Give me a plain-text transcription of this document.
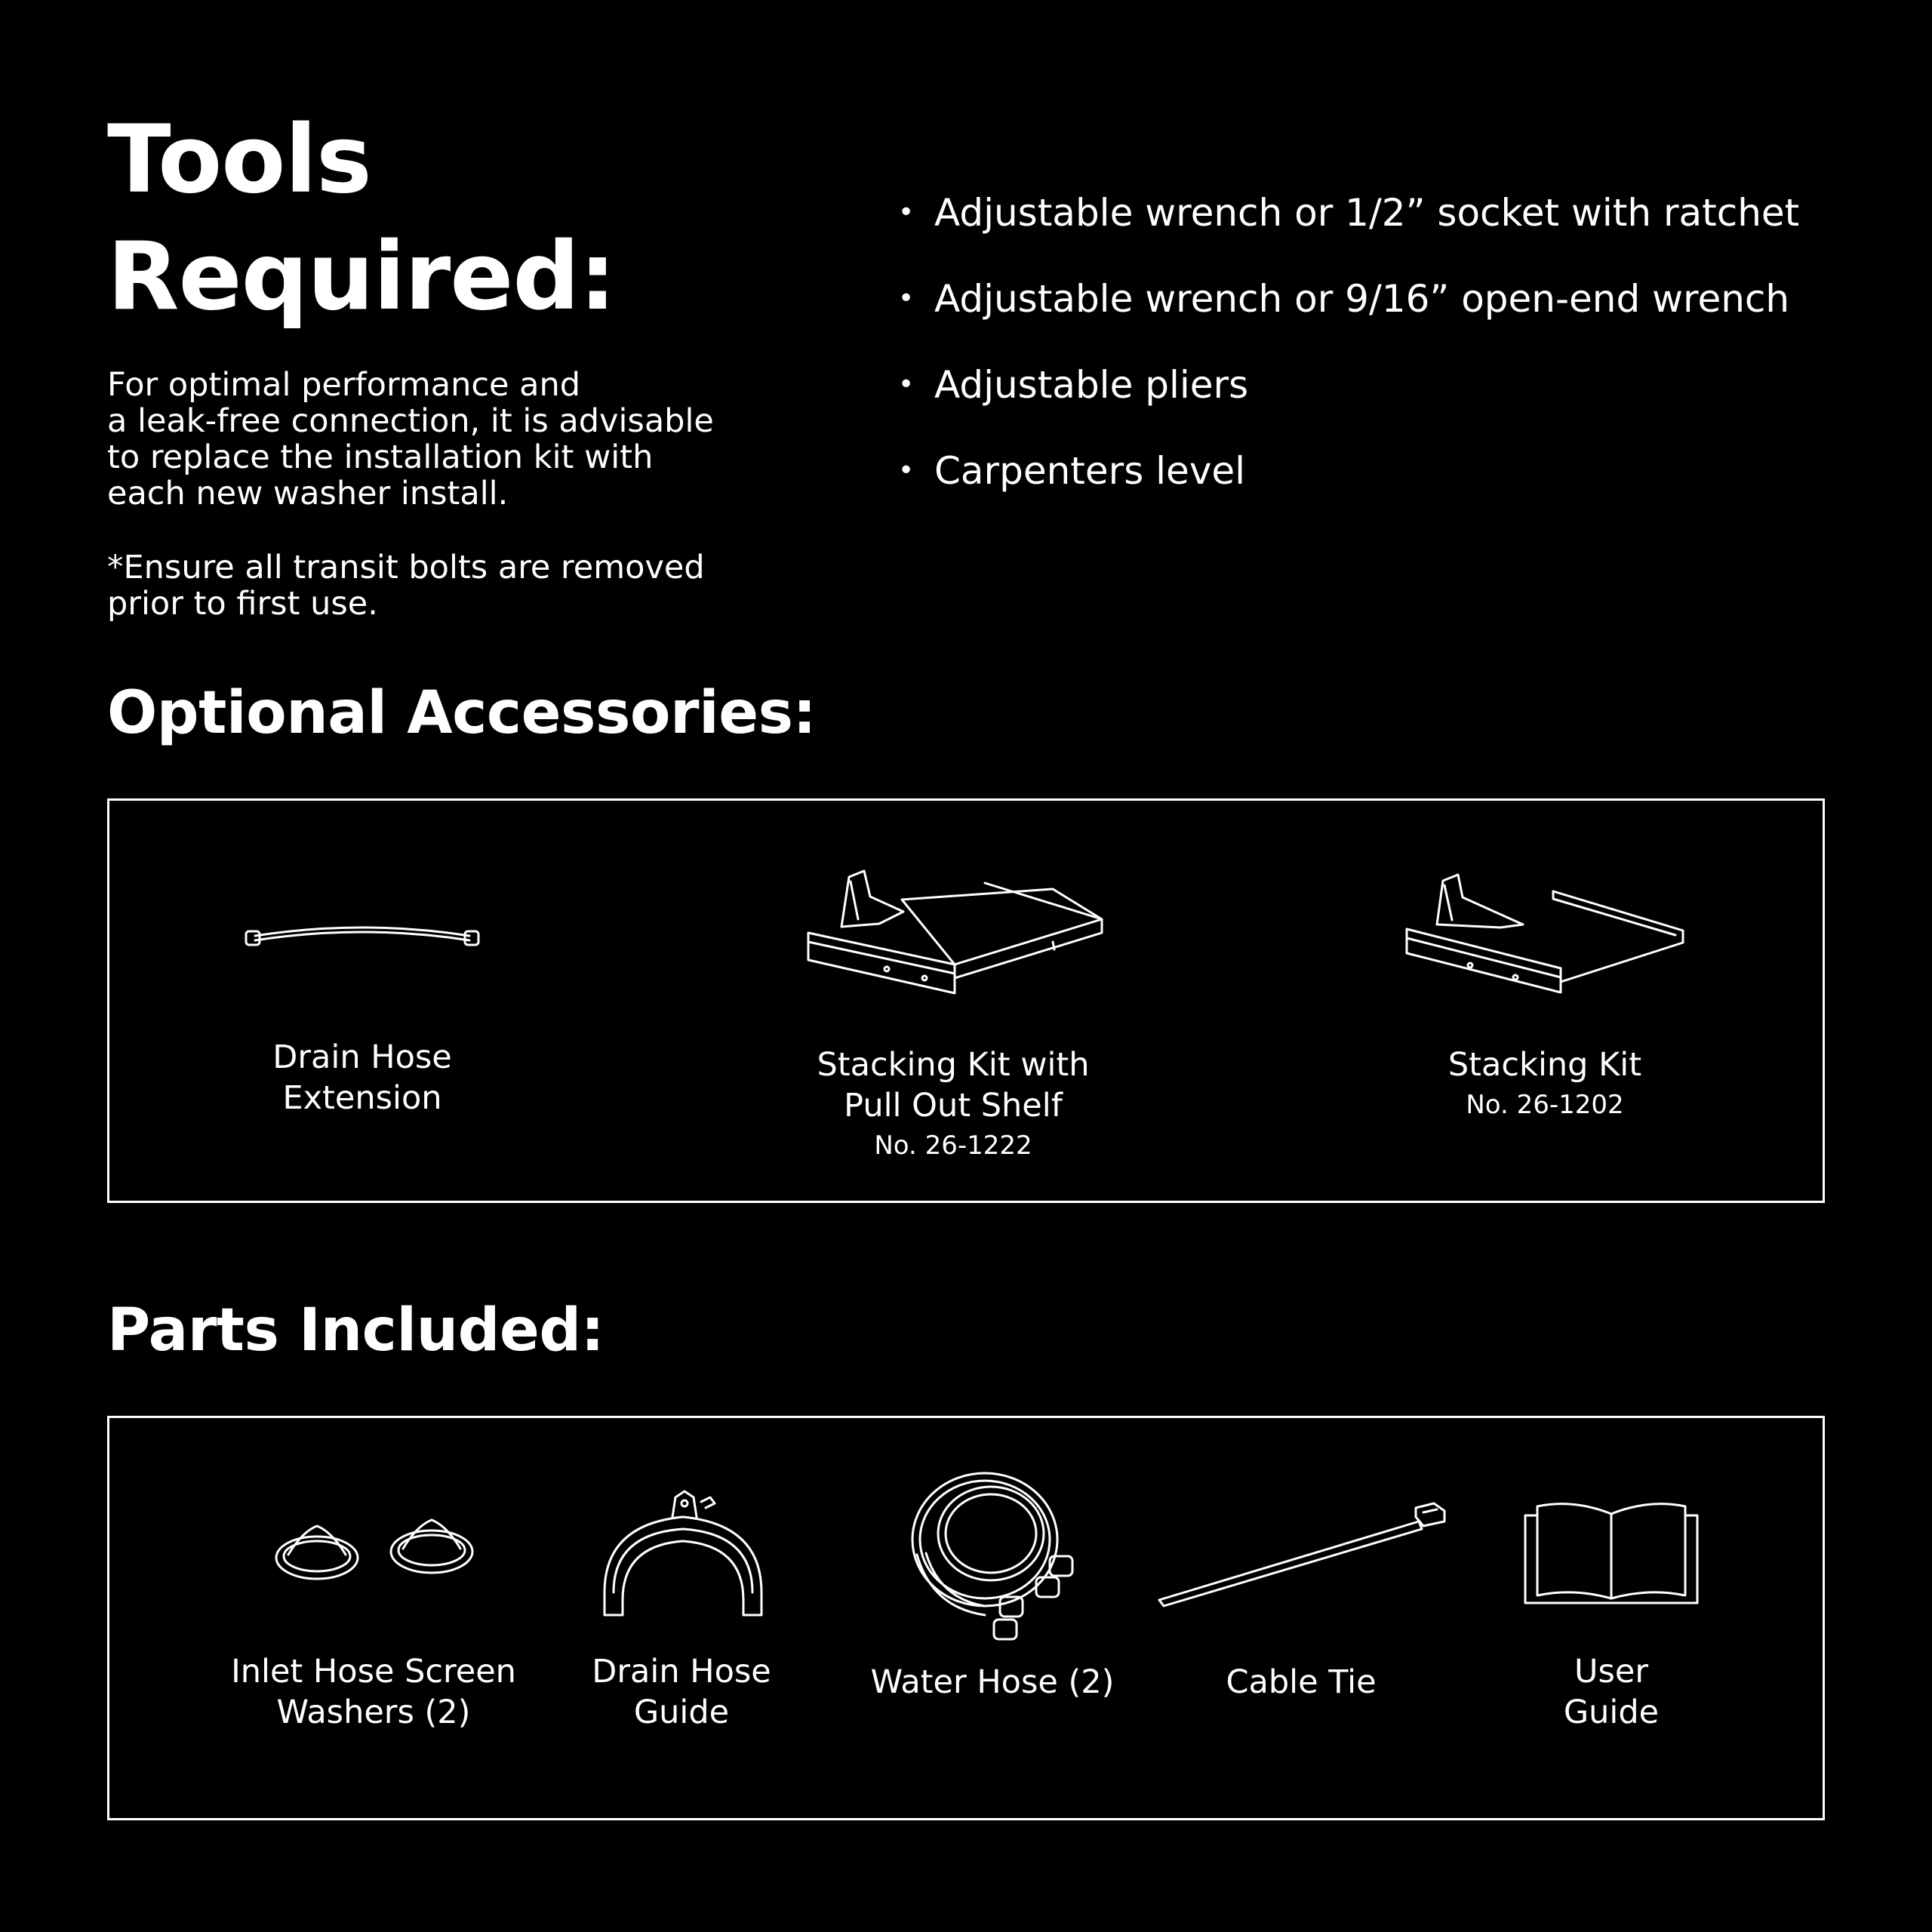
Tools
Required:
For optimal performance and
a leak-free connection, it is advisable
to replace the installation kit with
each new washer install.
*Ensure all transit bolts are removed
prior to first use.
• Adjustable wrench or 1/2” socket with ratchet
• Adjustable wrench or 9/16” open-end wrench
• Adjustable pliers
• Carpenters level
Optional Accessories:
Drain Hose
Extension
Stacking Kit with
Pull Out Shelf
No. 26-1222
Stacking Kit
No. 26-1202
Parts Included:
Inlet Hose Screen
Washers (2)
Drain Hose
Guide
Water Hose (2)	Cable Tie	User
Guide
